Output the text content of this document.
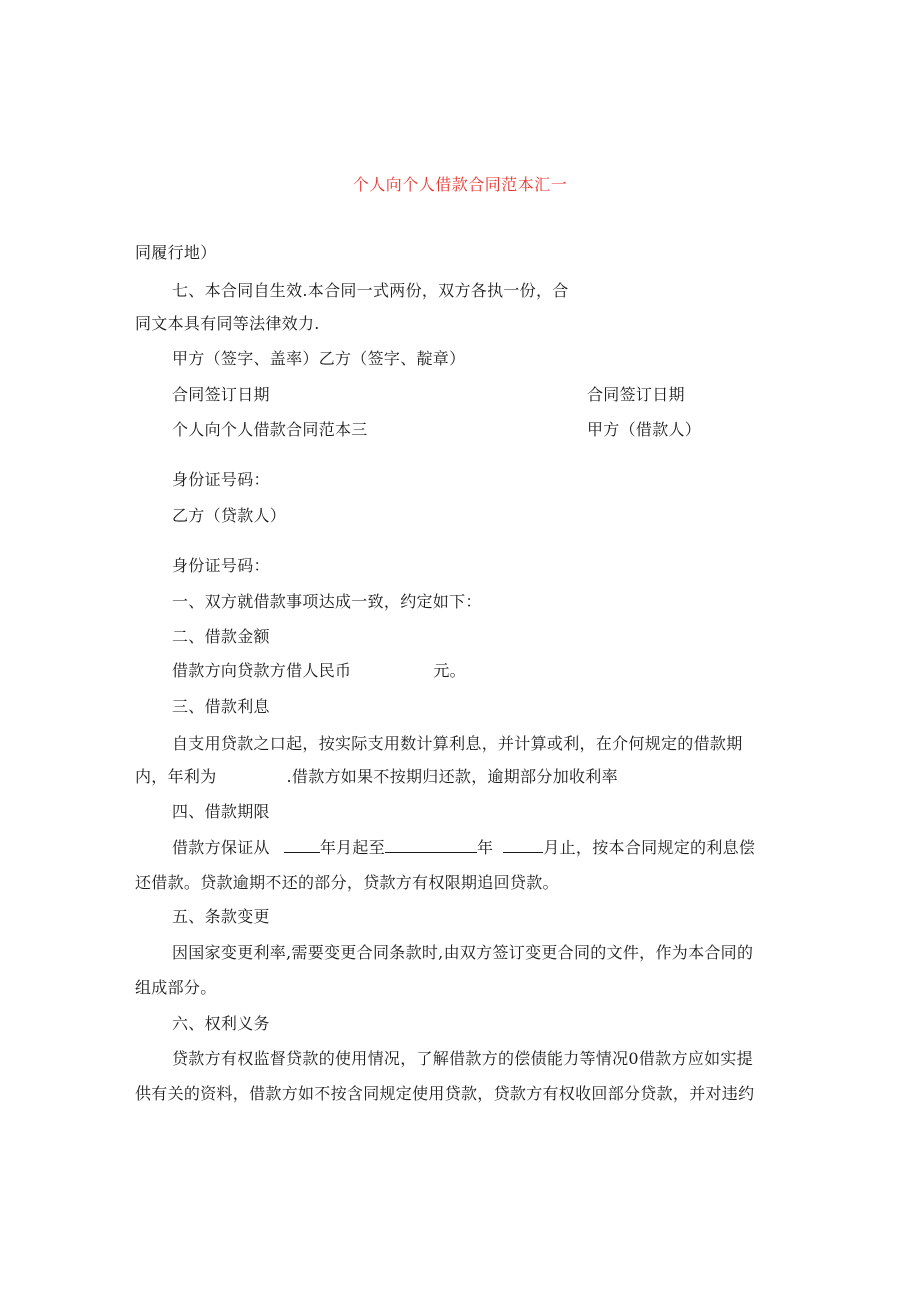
个人向个人借款合同范本汇一
同履行地）
七、本合同自生效.本合同一式两份，双方各执一份，合
同文本具有同等法律效力.
甲方（签字、盖率）乙方（签字、靛章）
合同签订日期	合同签订日期
个人向个人借款合同范本三	甲方（借款人）
身份证号码：
乙方（贷款人）
身份证号码：
一、双方就借款事项达成一致，约定如下：
二、借款金额
借款方向贷款方借人民币	元。
三、借款利息
自支用贷款之口起，按实际支用数计算利息，并计算或利，在介何规定的借款期
内，年利为	.借款方如果不按期归还款，逾期部分加收利率
四、借款期限
借款方保证从	年月起至	年	月止，按本合同规定的利息偿
还借款。贷款逾期不还的部分，贷款方有权限期追回贷款。
五、条款变更
因国家变更利率,需要变更合同条款时,由双方签订变更合同的文件，作为本合同的
组成部分。
六、权利义务
贷款方有权监督贷款的使用情况，了解借款方的偿债能力等情况0借款方应如实提
供有关的资料，借款方如不按含同规定使用贷款，贷款方有权收回部分贷款，并对违约
